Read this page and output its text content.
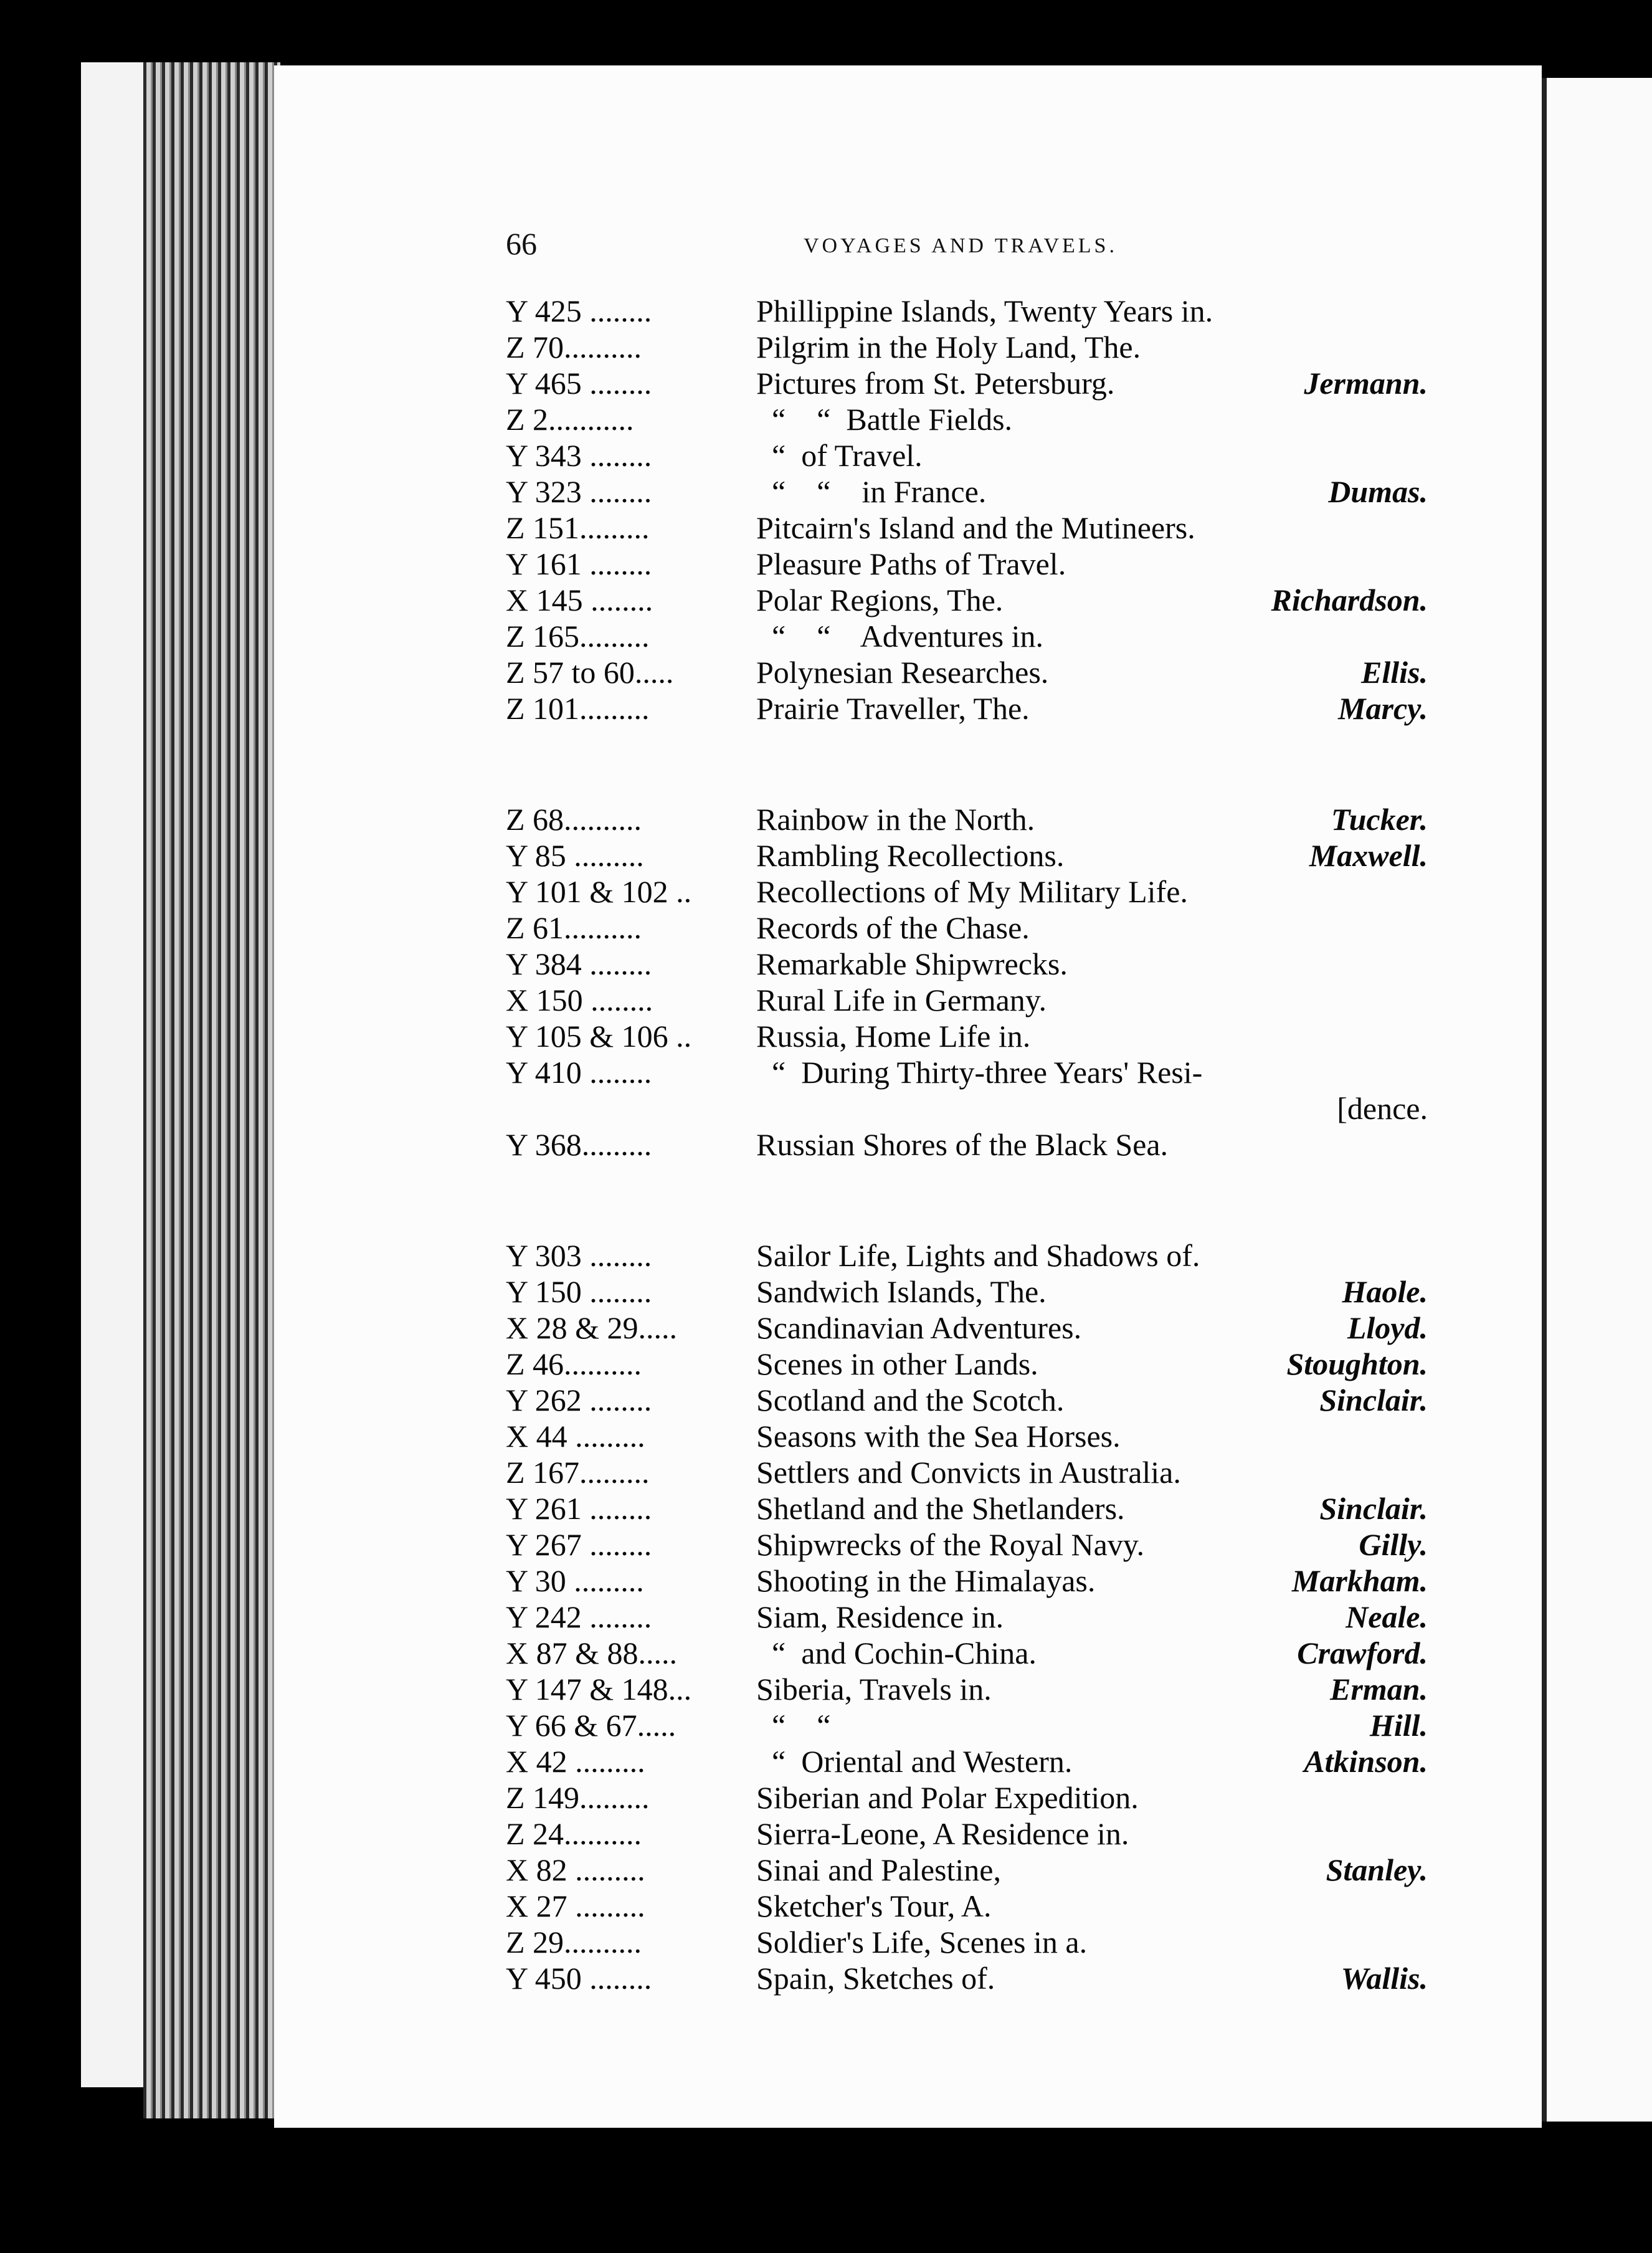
66	VOYAGES AND TRAVELS.
Y 425 ........	Phillippine Islands, Twenty Years in.
Z 70..........	Pilgrim in the Holy Land, The.
Y 465 ........	Pictures from St. Petersburg.	Jermann.
Z 2...........	“    “  Battle Fields.
Y 343 ........	“  of Travel.
Y 323 ........	“    “    in France.	Dumas.
Z 151.........	Pitcairn's Island and the Mutineers.
Y 161 ........	Pleasure Paths of Travel.
X 145 ........	Polar Regions, The.	Richardson.
Z 165.........	“    “    Adventures in.
Z 57 to 60.....	Polynesian Researches.	Ellis.
Z 101.........	Prairie Traveller, The.	Marcy.
Z 68..........	Rainbow in the North.	Tucker.
Y 85 .........	Rambling Recollections.	Maxwell.
Y 101 & 102 ..	Recollections of My Military Life.
Z 61..........	Records of the Chase.
Y 384 ........	Remarkable Shipwrecks.
X 150 ........	Rural Life in Germany.
Y 105 & 106 ..	Russia, Home Life in.
Y 410 ........	“  During Thirty-three Years' Resi-
[dence.
Y 368.........	Russian Shores of the Black Sea.
Y 303 ........	Sailor Life, Lights and Shadows of.
Y 150 ........	Sandwich Islands, The.	Haole.
X 28 & 29.....	Scandinavian Adventures.	Lloyd.
Z 46..........	Scenes in other Lands.	Stoughton.
Y 262 ........	Scotland and the Scotch.	Sinclair.
X 44 .........	Seasons with the Sea Horses.
Z 167.........	Settlers and Convicts in Australia.
Y 261 ........	Shetland and the Shetlanders.	Sinclair.
Y 267 ........	Shipwrecks of the Royal Navy.	Gilly.
Y 30 .........	Shooting in the Himalayas.	Markham.
Y 242 ........	Siam, Residence in.	Neale.
X 87 & 88.....	“  and Cochin-China.	Crawford.
Y 147 & 148...	Siberia, Travels in.	Erman.
Y 66 & 67.....	“    “	Hill.
X 42 .........	“  Oriental and Western.	Atkinson.
Z 149.........	Siberian and Polar Expedition.
Z 24..........	Sierra-Leone, A Residence in.
X 82 .........	Sinai and Palestine,	Stanley.
X 27 .........	Sketcher's Tour, A.
Z 29..........	Soldier's Life, Scenes in a.
Y 450 ........	Spain, Sketches of.	Wallis.
